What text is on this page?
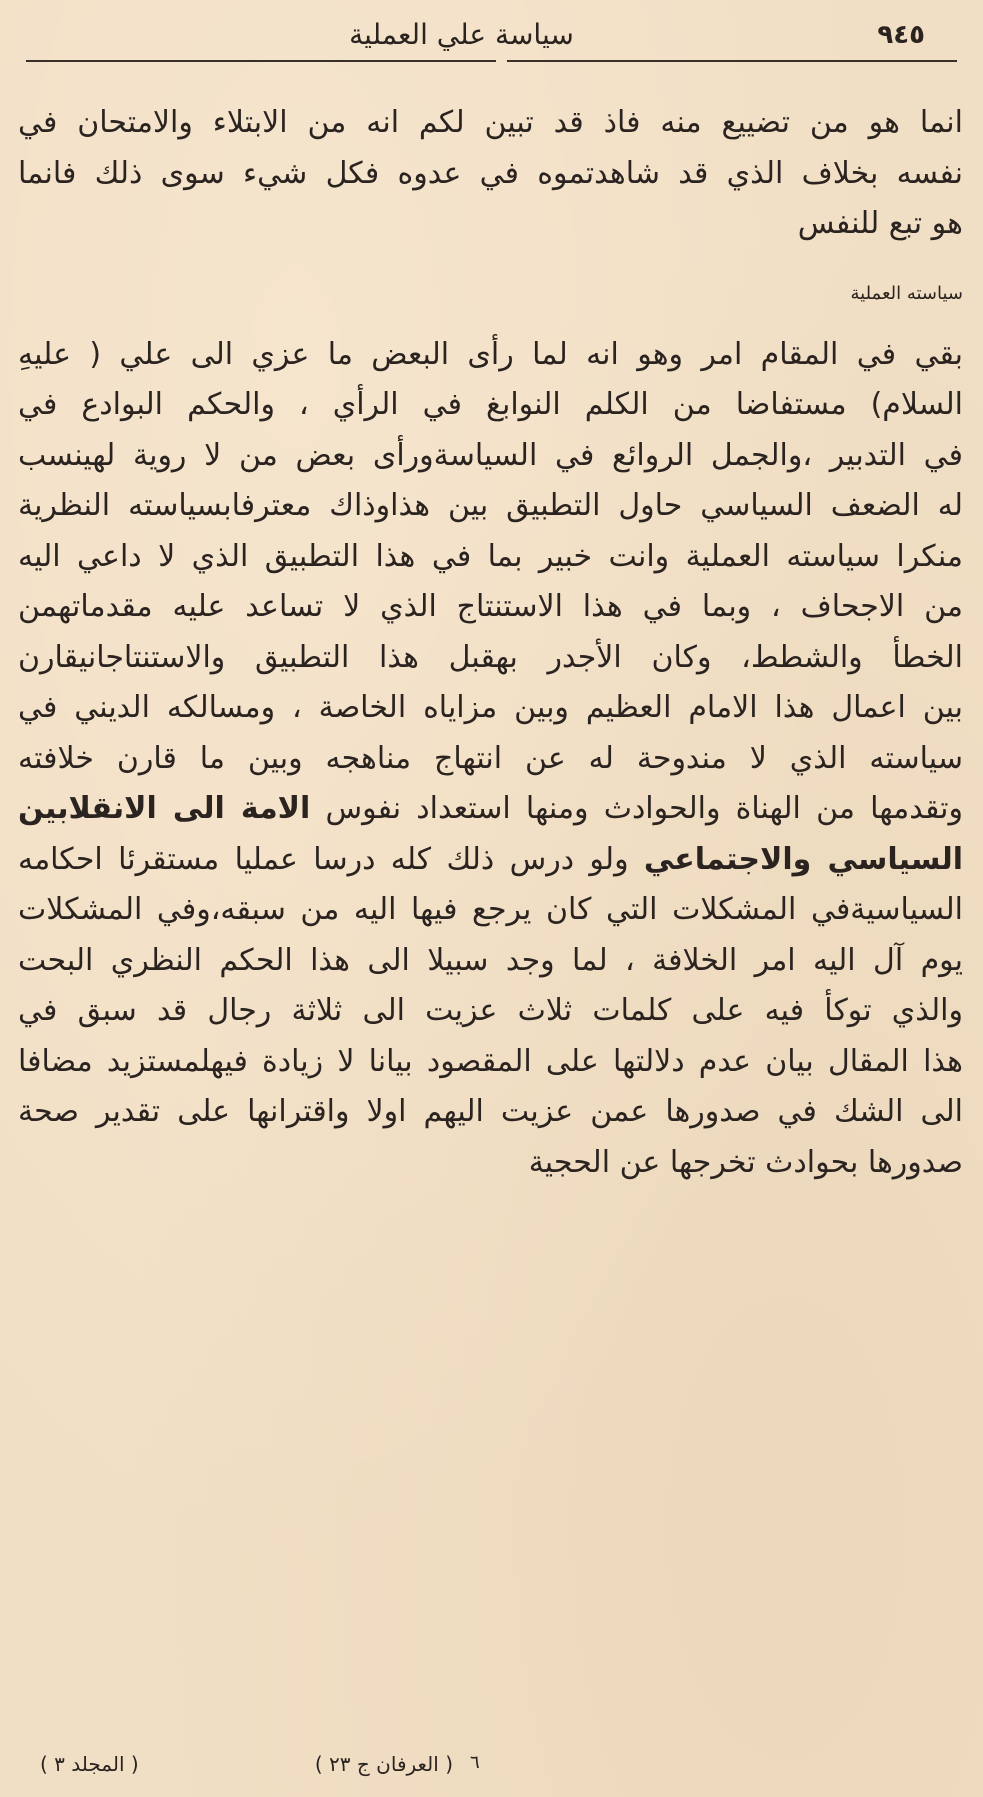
٩٤٥
سياسة علي العملية
انما هو من تضييع منه فاذ قد تبين لكم انه من الابتلاء والامتحان في
نفسه بخلاف الذي قد شاهدتموه في عدوه فكل شيء سوى ذلك فانما
هو تبع للنفس
سياسته العملية
بقي في المقام امر وهو انه لما رأى البعض ما عزي الى علي ( عليهِ
السلام) مستفاضا من الكلم النوابغ في الرأي ، والحكم البوادع في
في التدبير ،والجمل الروائع في السياسةورأى بعض من لا روية لهينسب
له الضعف السياسي حاول التطبيق بين هذاوذاك معترفابسياسته النظرية
منكرا سياسته العملية وانت خبير بما في هذا التطبيق الذي لا داعي اليه
من الاجحاف ، وبما في هذا الاستنتاج الذي لا تساعد عليه مقدماتهمن
الخطأ والشطط، وكان الأجدر بهقبل هذا التطبيق والاستنتاجانيقارن
بين اعمال هذا الامام العظيم وبين مزاياه الخاصة ، ومسالكه الديني في
سياسته الذي لا مندوحة له عن انتهاج مناهجه وبين ما قارن خلافته
وتقدمها من الهناة والحوادث ومنها استعداد نفوس الامة الى الانقلابين
السياسي والاجتماعي ولو درس ذلك كله درسا عمليا مستقرئا احكامه
السياسيةفي المشكلات التي كان يرجع فيها اليه من سبقه،وفي المشكلات
يوم آل اليه امر الخلافة ، لما وجد سبيلا الى هذا الحكم النظري البحت
والذي توكأ فيه على كلمات ثلاث عزيت الى ثلاثة رجال قد سبق في
هذا المقال بيان عدم دلالتها على المقصود بيانا لا زيادة فيهلمستزيد مضافا
الى الشك في صدورها عمن عزيت اليهم اولا واقترانها على تقدير صحة
صدورها بحوادث تخرجها عن الحجية
( العرفان ج ٢٣ ) ٦
( المجلد ٣ )
